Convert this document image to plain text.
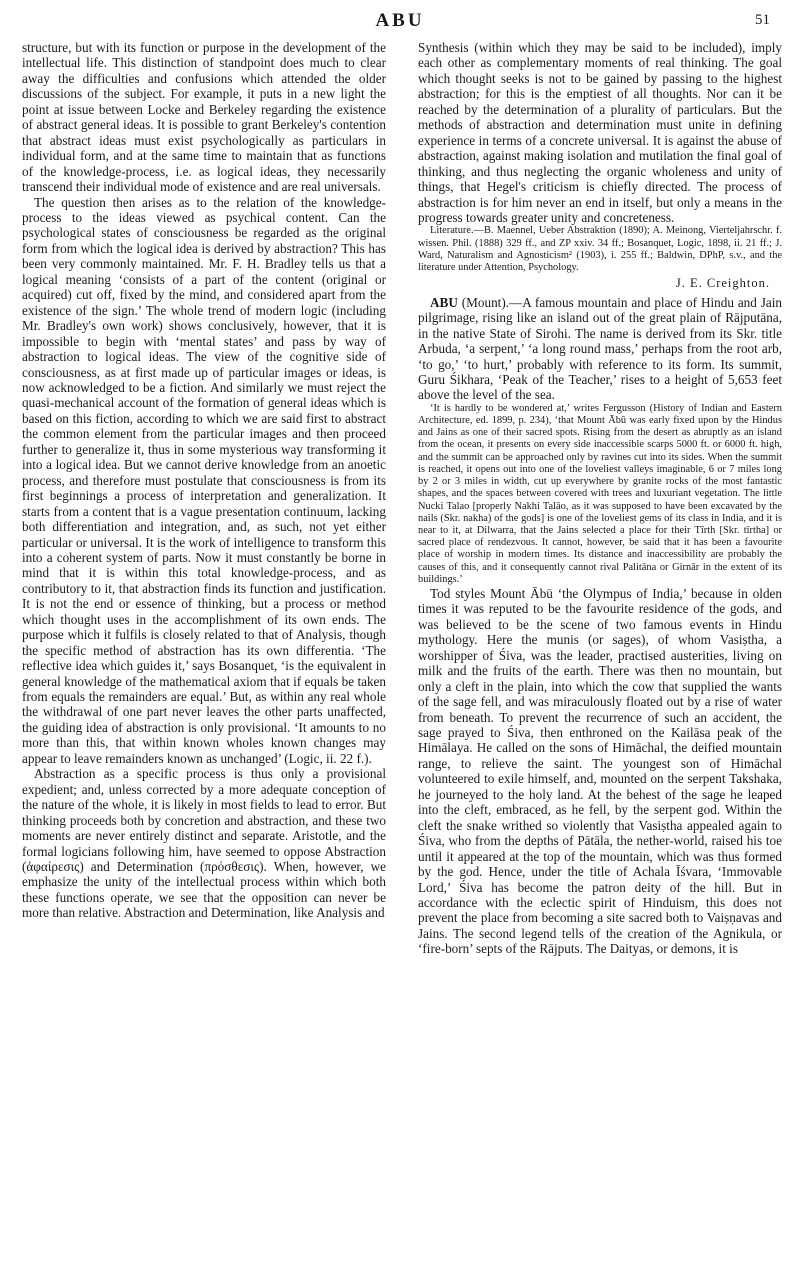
ABU	51

structure, but with its function or purpose in the development of the intellectual life. This distinction of standpoint does much to clear away the difficulties and confusions which attended the older discussions of the subject. For example, it puts in a new light the point at issue between Locke and Berkeley regarding the existence of abstract general ideas. It is possible to grant Berkeley's contention that abstract ideas must exist psychologically as particulars in individual form, and at the same time to maintain that as functions of the knowledge-process, i.e. as logical ideas, they necessarily transcend their individual mode of existence and are real universals.

The question then arises as to the relation of the knowledge-process to the ideas viewed as psychical content. Can the psychological states of consciousness be regarded as the original form from which the logical idea is derived by abstraction? This has been very commonly maintained. Mr. F. H. Bradley tells us that a logical meaning ‘consists of a part of the content (original or acquired) cut off, fixed by the mind, and considered apart from the existence of the sign.’ The whole trend of modern logic (including Mr. Bradley's own work) shows conclusively, however, that it is impossible to begin with ‘mental states’ and pass by way of abstraction to logical ideas. The view of the cognitive side of consciousness, as at first made up of particular images or ideas, is now acknowledged to be a fiction. And similarly we must reject the quasi-mechanical account of the formation of general ideas which is based on this fiction, according to which we are said first to abstract the common element from the particular images and then proceed further to generalize it, thus in some mysterious way transforming it into a logical idea. But we cannot derive knowledge from an anoetic process, and therefore must postulate that consciousness is from its first beginnings a process of interpretation and generalization. It starts from a content that is a vague presentation continuum, lacking both differentiation and integration, and, as such, not yet either particular or universal. It is the work of intelligence to transform this into a coherent system of parts. Now it must constantly be borne in mind that it is within this total knowledge-process, and as contributory to it, that abstraction finds its function and justification. It is not the end or essence of thinking, but a process or method which thought uses in the accomplishment of its own ends. The purpose which it fulfils is closely related to that of Analysis, though the specific method of abstraction has its own differentia. ‘The reflective idea which guides it,’ says Bosanquet, ‘is the equivalent in general knowledge of the mathematical axiom that if equals be taken from equals the remainders are equal.’ But, as within any real whole the withdrawal of one part never leaves the other parts unaffected, the guiding idea of abstraction is only provisional. ‘It amounts to no more than this, that within known wholes known changes may appear to leave remainders known as unchanged’ (Logic, ii. 22 f.).

Abstraction as a specific process is thus only a provisional expedient; and, unless corrected by a more adequate conception of the nature of the whole, it is likely in most fields to lead to error. But thinking proceeds both by concretion and abstraction, and these two moments are never entirely distinct and separate. Aristotle, and the formal logicians following him, have seemed to oppose Abstraction (ἀφαίρεσις) and Determination (πρόσθεσις). When, however, we emphasize the unity of the intellectual process within which both these functions operate, we see that the opposition can never be more than relative. Abstraction and Determination, like Analysis and

Synthesis (within which they may be said to be included), imply each other as complementary moments of real thinking. The goal which thought seeks is not to be gained by passing to the highest abstraction; for this is the emptiest of all thoughts. Nor can it be reached by the determination of a plurality of particulars. But the methods of abstraction and determination must unite in defining experience in terms of a concrete universal. It is against the abuse of abstraction, against making isolation and mutilation the final goal of thinking, and thus neglecting the organic wholeness and unity of things, that Hegel's criticism is chiefly directed. The process of abstraction is for him never an end in itself, but only a means in the progress towards greater unity and concreteness.

Literature.—B. Maennel, Ueber Abstraktion (1890); A. Meinong, Vierteljahrschr. f. wissen. Phil. (1888) 329 ff., and ZP xxiv. 34 ff.; Bosanquet, Logic, 1898, ii. 21 ff.; J. Ward, Naturalism and Agnosticism² (1903), i. 255 ff.; Baldwin, DPhP, s.v., and the literature under Attention, Psychology.

J. E. Creighton.

ABU (Mount).—A famous mountain and place of Hindu and Jain pilgrimage, rising like an island out of the great plain of Rājputāna, in the native State of Sirohi. The name is derived from its Skr. title Arbuda, ‘a serpent,’ ‘a long round mass,’ perhaps from the root arb, ‘to go,’ ‘to hurt,’ probably with reference to its form. Its summit, Guru Śikhara, ‘Peak of the Teacher,’ rises to a height of 5,653 feet above the level of the sea.

‘It is hardly to be wondered at,’ writes Fergusson (History of Indian and Eastern Architecture, ed. 1899, p. 234), ‘that Mount Ābū was early fixed upon by the Hindus and Jains as one of their sacred spots. Rising from the desert as abruptly as an island from the ocean, it presents on every side inaccessible scarps 5000 ft. or 6000 ft. high, and the summit can be approached only by ravines cut into its sides. When the summit is reached, it opens out into one of the loveliest valleys imaginable, 6 or 7 miles long by 2 or 3 miles in width, cut up everywhere by granite rocks of the most fantastic shapes, and the spaces between covered with trees and luxuriant vegetation. The little Nucki Talao [properly Nakhi Talāo, as it was supposed to have been excavated by the nails (Skr. nakha) of the gods] is one of the loveliest gems of its class in India, and it is near to it, at Dilwarra, that the Jains selected a place for their Tīrth [Skr. tīrtha] or sacred place of rendezvous. It cannot, however, be said that it has been a favourite place of worship in modern times. Its distance and inaccessibility are probably the causes of this, and it consequently cannot rival Palitāna or Girnār in the extent of its buildings.’

Tod styles Mount Ābū ‘the Olympus of India,’ because in olden times it was reputed to be the favourite residence of the gods, and was believed to be the scene of two famous events in Hindu mythology. Here the munis (or sages), of whom Vasiṣtha, a worshipper of Śiva, was the leader, practised austerities, living on milk and the fruits of the earth. There was then no mountain, but only a cleft in the plain, into which the cow that supplied the wants of the sage fell, and was miraculously floated out by a rise of water from beneath. To prevent the recurrence of such an accident, the sage prayed to Śiva, then enthroned on the Kailāsa peak of the Himālaya. He called on the sons of Himāchal, the deified mountain range, to relieve the saint. The youngest son of Himāchal volunteered to exile himself, and, mounted on the serpent Takshaka, he journeyed to the holy land. At the behest of the sage he leaped into the cleft, embraced, as he fell, by the serpent god. Within the cleft the snake writhed so violently that Vasiṣtha appealed again to Śiva, who from the depths of Pātāla, the nether-world, raised his toe until it appeared at the top of the mountain, which was thus formed by the god. Hence, under the title of Achala Īśvara, ‘Immovable Lord,’ Śiva has become the patron deity of the hill. But in accordance with the eclectic spirit of Hinduism, this does not prevent the place from becoming a site sacred both to Vaiṣṇavas and Jains. The second legend tells of the creation of the Agnikula, or ‘fire-born’ septs of the Rājputs. The Daityas, or demons, it is
